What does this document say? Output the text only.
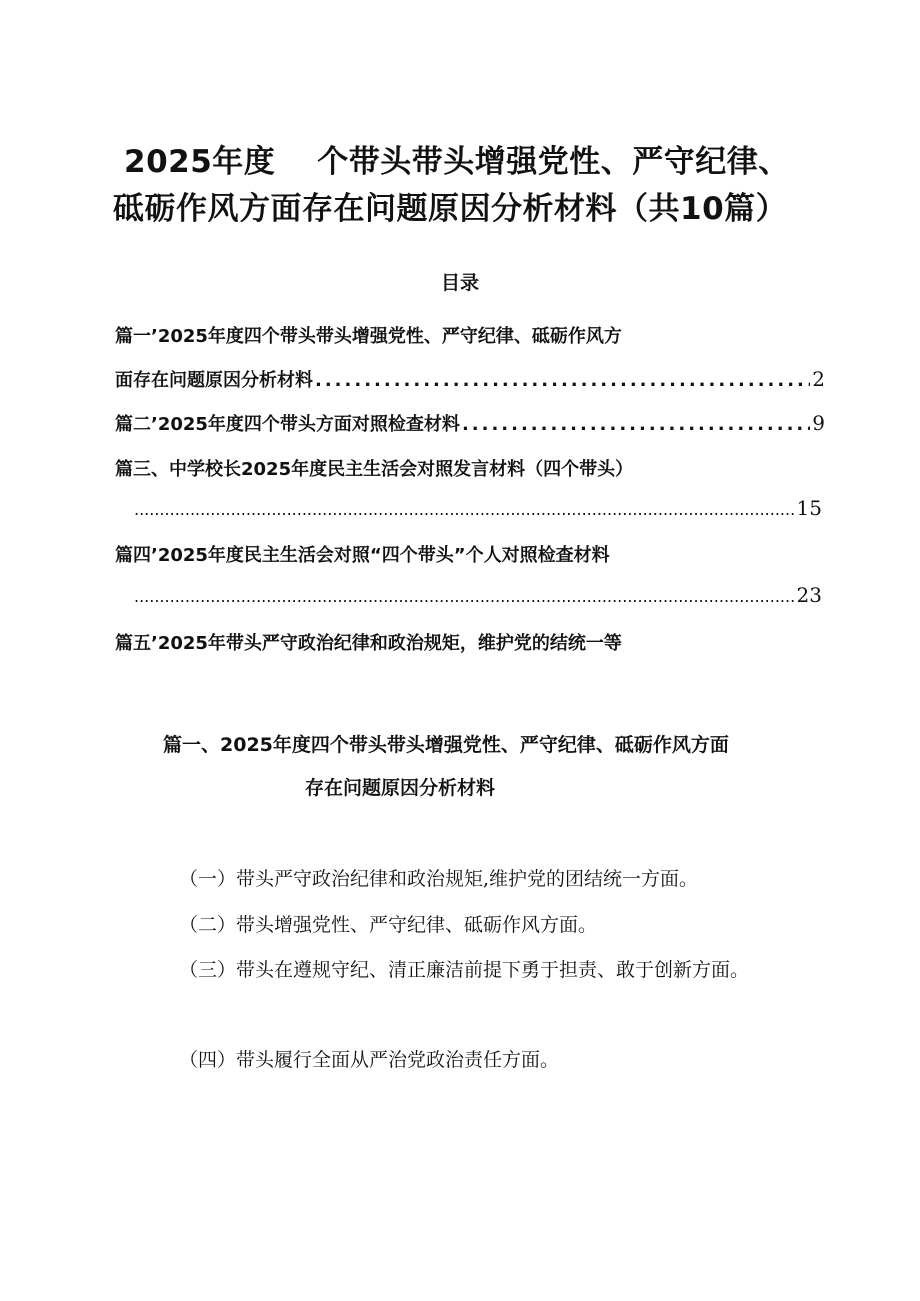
2025年度 个带头带头增强党性、严守纪律、
砥砺作风方面存在问题原因分析材料（共10篇）
目录
篇一’2025年度四个带头带头增强党性、严守纪律、砥砺作风方
面存在问题原因分析材料 .....	2
篇二’2025年度四个带头方面对照检查材料 .....	9
篇三、中学校长2025年度民主生活会对照发言材料（四个带头）
.....
15
篇四’2025年度民主生活会对照“四个带头”个人对照检查材料
.....
23
篇五’2025年带头严守政治纪律和政治规矩，维护党的结统一等
篇一、2025年度四个带头带头增强党性、严守纪律、砥砺作风方面
存在问题原因分析材料

（一）带头严守政治纪律和政治规矩,维护党的团结统一方面。

（二）带头增强党性、严守纪律、砥砺作风方面。

（三）带头在遵规守纪、清正廉洁前提下勇于担责、敢于创新方面。

（四）带头履行全面从严治党政治责任方面。
